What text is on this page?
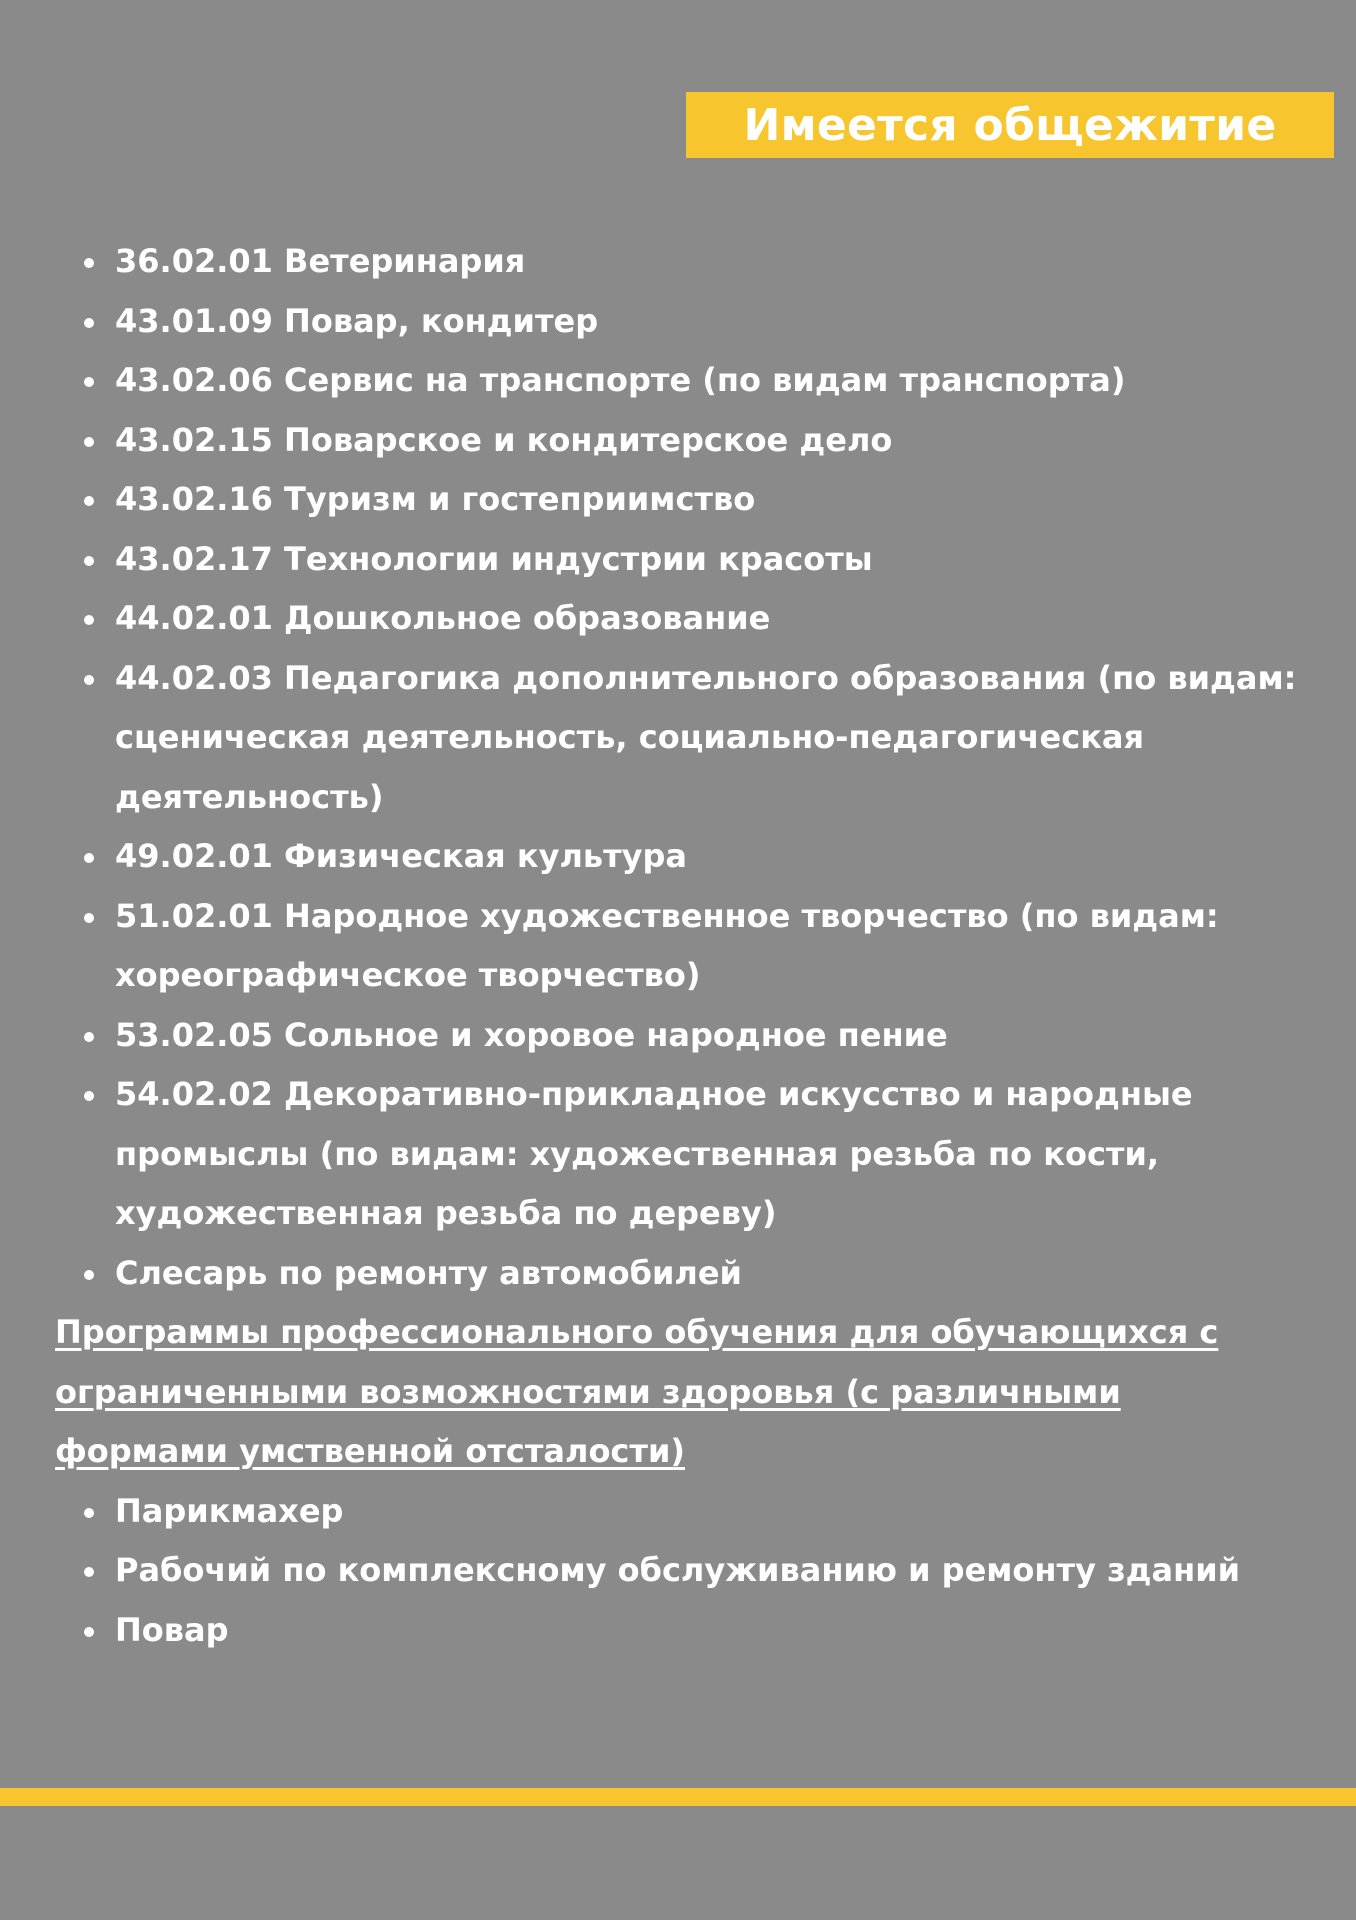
Имеется общежитие
36.02.01 Ветеринария
43.01.09 Повар, кондитер
43.02.06 Сервис на транспорте (по видам транспорта)
43.02.15 Поварское и кондитерское дело
43.02.16 Туризм и гостеприимство
43.02.17 Технологии индустрии красоты
44.02.01 Дошкольное образование
44.02.03 Педагогика дополнительного образования (по видам: сценическая деятельность, социально-педагогическая деятельность)
49.02.01 Физическая культура
51.02.01 Народное художественное творчество (по видам: хореографическое творчество)
53.02.05 Сольное и хоровое народное пение
54.02.02 Декоративно-прикладное искусство и народные промыслы (по видам: художественная резьба по кости, художественная резьба по дереву)
Слесарь по ремонту автомобилей
Программы профессионального обучения для обучающихся с ограниченными возможностями здоровья (с различными формами умственной отсталости)
Парикмахер
Рабочий по комплексному обслуживанию и ремонту зданий
Повар
